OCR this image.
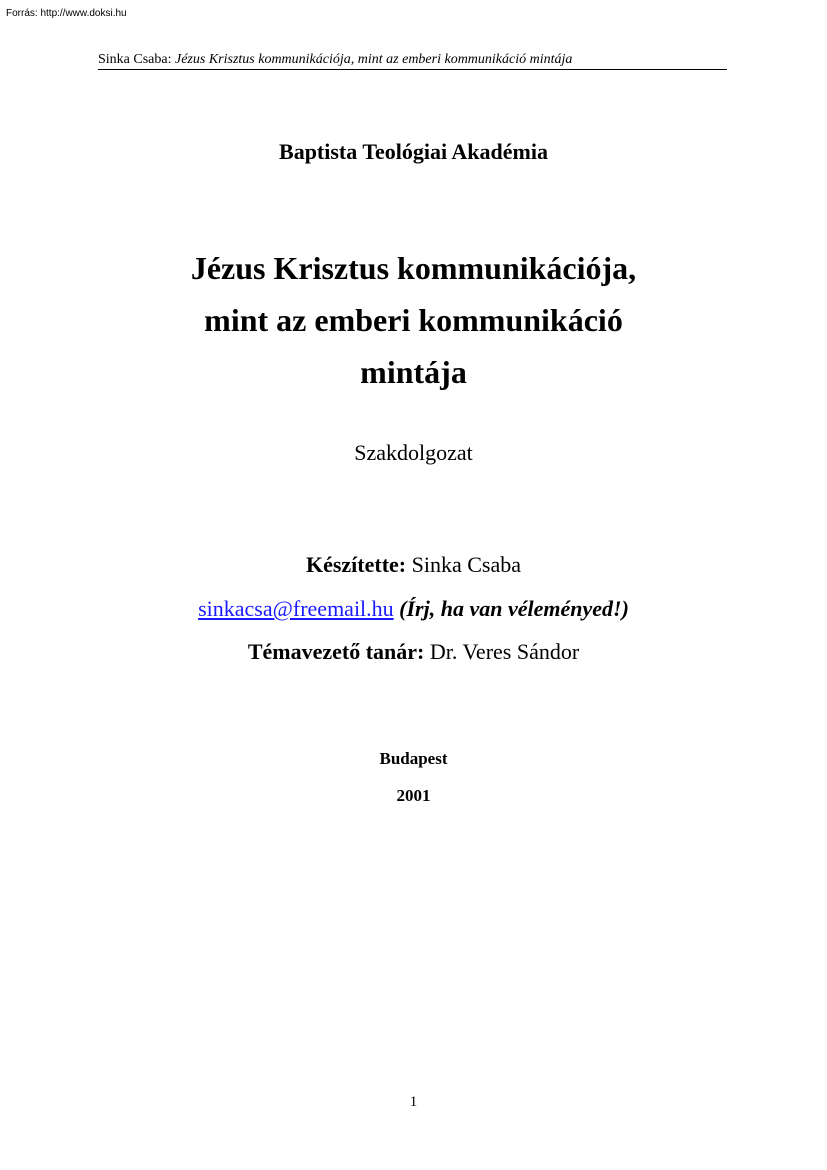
Forrás: http://www.doksi.hu
Sinka Csaba: Jézus Krisztus kommunikációja, mint az emberi kommunikáció mintája
Baptista Teológiai Akadémia
Jézus Krisztus kommunikációja,
mint az emberi kommunikáció
mintája
Szakdolgozat
Készítette: Sinka Csaba
sinkacsa@freemail.hu (Írj, ha van véleményed!)
Témavezető tanár: Dr. Veres Sándor
Budapest
2001
1
